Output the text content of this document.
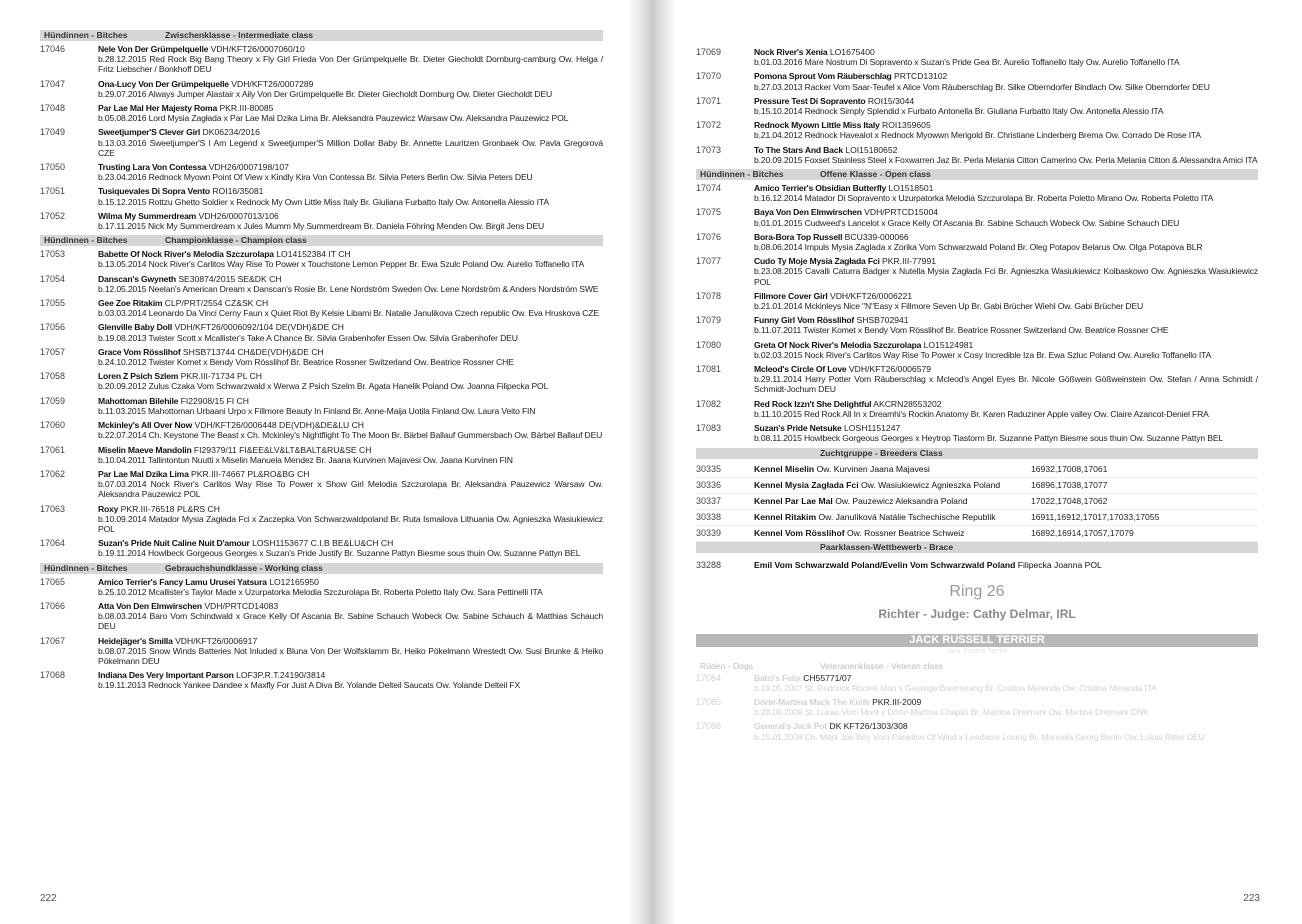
Hündinnen - Bitches	Zwischenklasse - Intermediate class
17046	Nele Von Der Grümpelquelle VDH/KFT26/0007060/10
b.28.12.2015 Red Rock Big Bang Theory x Fly Girl Frieda Von Der Grümpelquelle Br. Dieter Giecholdt Dornburg-camburg Ow. Helga / Fritz Liebscher / Bonkhoff DEU
17047	Ona-Lucy Von Der Grümpelquelle VDH/KFT26/0007289
b.29.07.2016 Always Jumper Alastair x Aily Von Der Grümpelquelle Br. Dieter Giecholdt Dornburg Ow. Dieter Giecholdt DEU
17048	Par Lae Mal Her Majesty Roma PKR.III-80085
b.05.08.2016 Lord Mysia Zagłada x Par Lae Mal Dzika Lima Br. Aleksandra Pauzewicz Warsaw Ow. Aleksandra Pauzewicz POL
17049	Sweetjumper'S Clever Girl DK06234/2016
b.13.03.2016 Sweetjumper'S I Am Legend x Sweetjumper'S Million Dollar Baby Br. Annette Lauritzen Gronbaek Ow. Pavla Gregorová CZE
17050	Trusting Lara Von Contessa VDH26/0007198/107
b.23.04.2016 Rednock Myown Point Of View x Kindly Kira Von Contessa Br. Silvia Peters Berlin Ow. Silvia Peters DEU
17051	Tusiquevales Di Sopra Vento ROI16/35081
b.15.12.2015 Rottzu Ghetto Soldier x Rednock My Own Little Miss Italy Br. Giuliana Furbatto Italy Ow. Antonella Alessio ITA
17052	Wilma My Summerdream VDH26/0007013/106
b.17.11.2015 Nick My Summerdream x Jules Mumm My Summerdream Br. Daniela Föhring Menden Ow. Birgit Jens DEU
Hündinnen - Bitches	Championklasse - Champion class
17053	Babette Of Nock River's Melodia Szczurolapa LO14152384 IT CH
b.13.05.2014 Nock River's Carlitos Way Rise To Power x Touchstone Lemon Pepper Br. Ewa Szulc Poland Ow. Aurelio Toffanello ITA
17054	Danscan's Gwyneth SE30874/2015 SE&DK CH
b.12.05.2015 Neelan's American Dream x Danscan's Rosie Br. Lene Nordström Sweden Ow. Lene Nordström & Anders Nordström SWE
17055	Gee Zoe Ritakim CLP/PRT/2554 CZ&SK CH
b.03.03.2014 Leonardo Da Vinci Cerny Faun x Quiet Riot By Kelsie Libami Br. Natalie Janulikova Czech republic Ow. Eva Hruskova CZE
17056	Glenville Baby Doll VDH/KFT26/0006092/104 DE(VDH)&DE CH
b.19.08.2013 Twister Scott x Mcallister's Take A Chance Br. Silvia Grabenhofer Essen Ow. Silvia Grabenhofer DEU
17057	Grace Vom Rösslihof SHSB713744 CH&DE(VDH)&DE CH
b.24.10.2012 Twister Komet x Bendy Vom Rösslihof Br. Beatrice Rossner Switzerland Ow. Beatrice Rossner CHE
17058	Loren Z Psich Szlem PKR.III-71734 PL CH
b.20.09.2012 Zulus Czaka Vom Schwarzwald x Werwa Z Psich Szelm Br. Agata Hanelik Poland Ow. Joanna Filipecka POL
17059	Mahottoman Bilehile FI22908/15 FI CH
b.11.03.2015 Mahottoman Urbaani Urpo x Fillmore Beauty In Finland Br. Anne-Maija Uotila Finland Ow. Laura Veito FIN
17060	Mckinley's All Over Now VDH/KFT26/0006448 DE(VDH)&DE&LU CH
b.22.07.2014 Ch. Keystone The Beast x Ch. Mckinley's Nightflight To The Moon Br. Bärbel Ballauf Gummersbach Ow. Bärbel Ballauf DEU
17061	Miselin Maeve Mandolin FI29379/11 FI&EE&LV&LT&BALT&RU&SE CH
b.10.04.2011 Tallintontun Nuutti x Miselin Manuela Mendez Br. Jaana Kurvinen Majavesi Ow. Jaana Kurvinen FIN
17062	Par Lae Mal Dzika Lima PKR.III-74667 PL&RO&BG CH
b.07.03.2014 Nock River's Carlitos Way Rise To Power x Show Girl Melodia Szczurolapa Br. Aleksandra Pauzewicz Warsaw Ow. Aleksandra Pauzewicz POL
17063	Roxy PKR.III-76518 PL&RS CH
b.10.09.2014 Matador Mysia Zagłada Fci x Zaczepka Von Schwarzwaldpoland Br. Ruta Ismailova Lithuania Ow. Agnieszka Wasiukiewicz POL
17064	Suzan's Pride Nuit Caline Nuit D'amour LOSH1153677 C.I.B BE&LU&CH CH
b.19.11.2014 Howlbeck Gorgeous Georges x Suzan's Pride Justify Br. Suzanne Pattyn Biesme sous thuin Ow. Suzanne Pattyn BEL
Hündinnen - Bitches	Gebrauchshundklasse - Working class
17065	Amico Terrier's Fancy Lamu Urusei Yatsura LO12165950
b.25.10.2012 Mcallister's Taylor Made x Uzurpatorka Melodia Szczurolapa Br. Roberta Poletto Italy Ow. Sara Pettinelli ITA
17066	Atta Von Den Elmwirschen VDH/PRTCD14083
b.08.03.2014 Baro Vom Schindwald x Grace Kelly Of Ascania Br. Sabine Schauch Wobeck Ow. Sabine Schauch & Matthias Schauch DEU
17067	Heidejäger's Smilla VDH/KFT26/0006917
b.08.07.2015 Snow Winds Batteries Not Inluded x Bluna Von Der Wolfsklamm Br. Heiko Pökelmann Wrestedt Ow. Susi Brunke & Heiko Pökelmann DEU
17068	Indiana Des Very Important Parson LOF3P.R.T.24190/3814
b.19.11.2013 Rednock Yankee Dandee x Maxfly For Just A Diva Br. Yolande Delteil Saucats Ow. Yolande Delteil FX
222
17069	Nock River's Xenia LO1675400
b.01.03.2016 Mare Nostrum Di Sopravento x Suzan's Pride Gea Br. Aurelio Toffanello Italy Ow. Aurelio Toffanello ITA
17070	Pomona Sprout Vom Räuberschlag PRTCD13102
b.27.03.2013 Racker Vom Saar-Teufel x Alice Vom Räuberschlag Br. Silke Oberndorfer Bindlach Ow. Silke Oberndorfer DEU
17071	Pressure Test Di Sopravento ROI15/3044
b.15.10.2014 Rednock Simply Splendid x Furbato Antonella Br. Giuliana Furbatto Italy Ow. Antonella Alessio ITA
17072	Rednock Myown Little Miss Italy ROI1359605
b.21.04.2012 Rednock Havealot x Rednock Myowwn Merigold Br. Christiane Linderberg Brema Ow. Corrado De Rose ITA
17073	To The Stars And Back LOI15180652
b.20.09.2015 Foxset Stainless Steel x Foxwarren Jaz Br. Perla Melania Citton Camerino Ow. Perla Melania Citton & Alessandra Amici ITA
Hündinnen - Bitches	Offene Klasse - Open class
17074	Amico Terrier's Obsidian Butterfly LO1518501
b.16.12.2014 Matador Di Sopravento x Uzurpatorka Melodia Szczurolapa Br. Roberta Poletto Mirano Ow. Roberta Poletto ITA
17075	Baya Von Den Elmwirschen VDH/PRTCD15004
b.01.01.2015 Cudweed's Lancelot x Grace Kelly Of Ascania Br. Sabine Schauch Wobeck Ow. Sabine Schauch DEU
17076	Bora-Bora Top Russell BCU339-000066
b.08.06.2014 Impuls Mysia Zaglada x Zorika Vom Schwarzwald Poland Br. Oleg Potapov Belarus Ow. Olga Potapova BLR
17077	Cudo Ty Moje Mysia Zagłada Fci PKR.III-77991
b.23.08.2015 Cavalli Caturra Badger x Nutella Mysia Zagłada Fci Br. Agnieszka Wasiukiewicz Kolbaskowo Ow. Agnieszka Wasiukiewicz POL
17078	Fillmore Cover Girl VDH/KFT26/0006221
b.21.01.2014 Mckinleys Nice "N"Easy x Fillmore Seven Up Br. Gabi Brücher Wiehl Ow. Gabi Brücher DEU
17079	Funny Girl Vom Rösslihof SHSB702941
b.11.07.2011 Twister Komet x Bendy Vom Rösslihof Br. Beatrice Rossner Switzerland Ow. Beatrice Rossner CHE
17080	Greta Of Nock River's Melodia Szczurolapa LO15124981
b.02.03.2015 Nock River's Carlitos Way Rise To Power x Cosy Incredible Iza Br. Ewa Szluc Poland Ow. Aurelio Toffanello ITA
17081	Mcleod's Circle Of Love VDH/KFT26/0006579
b.29.11.2014 Harry Potter Vom Räuberschlag x Mcleod's Angel Eyes Br. Nicole Gößwein Gößweinstein Ow. Stefan / Anna Schmidt / Schmidt-Jochum DEU
17082	Red Rock Izzn't She Delightful AKCRN28553202
b.11.10.2015 Red Rock All In x Dreamhi's Rockin Anatomy Br. Karen Raduziner Apple valley Ow. Claire Azancot-Deniel FRA
17083	Suzan's Pride Netsuke LOSH1151247
b.08.11.2015 Howlbeck Gorgeous Georges x Heytrop Tiastorm Br. Suzanne Pattyn Biesme sous thuin Ow. Suzanne Pattyn BEL
Zuchtgruppe - Breeders Class
30335	Kennel Miselin Ow. Kurvinen Jaana Majavesi	16932,17008,17061
30336	Kennel Mysia Zagłada Fci Ow. Wasiukiewicz Agnieszka Poland	16896,17038,17077
30337	Kennel Par Lae Mal Ow. Pauzewicz Aleksandra Poland	17022,17048,17062
30338	Kennel Ritakim Ow. Janulíková Natálie Tschechische Republik	16911,16912,17017,17033,17055
30339	Kennel Vom Rösslihof Ow. Rossner Beatrice Schweiz	16892,16914,17057,17079
Paarklassen-Wettbewerb - Brace
33288	Emil Vom Schwarzwald Poland/Evelin Vom Schwarzwald Poland Filipecka Joanna POL
Ring 26
Richter - Judge: Cathy Delmar, IRL
JACK RUSSELL TERRIER
Jack Russell Terrier
Rüden - Dogs	Veteranenklasse - Veteran class
17084	Batzi's Felix CH55771/07
b.19.05.2007 St. Rednock Rocket Man x Gaywige Boomerang Br. Cristina Merenda Ow. Cristina Merenda ITA
17085	Dörte-Martina Mack The Knife PKR.III-2009
b.28.08.2009 St. Lukas Vom Mont x Dörte-Martina Chaplin Br. Martina Dreimark Ow. Martina Dreimark DNK
17086	General's Jack Pot DK KFT26/1303/308
b.15.01.2008 Ch. Mark Joe Boy Vom Paradise Of Wind x Leadacre Loving Br. Manuela Georg Berlin Ow. Lukas Ritter DEU
223
